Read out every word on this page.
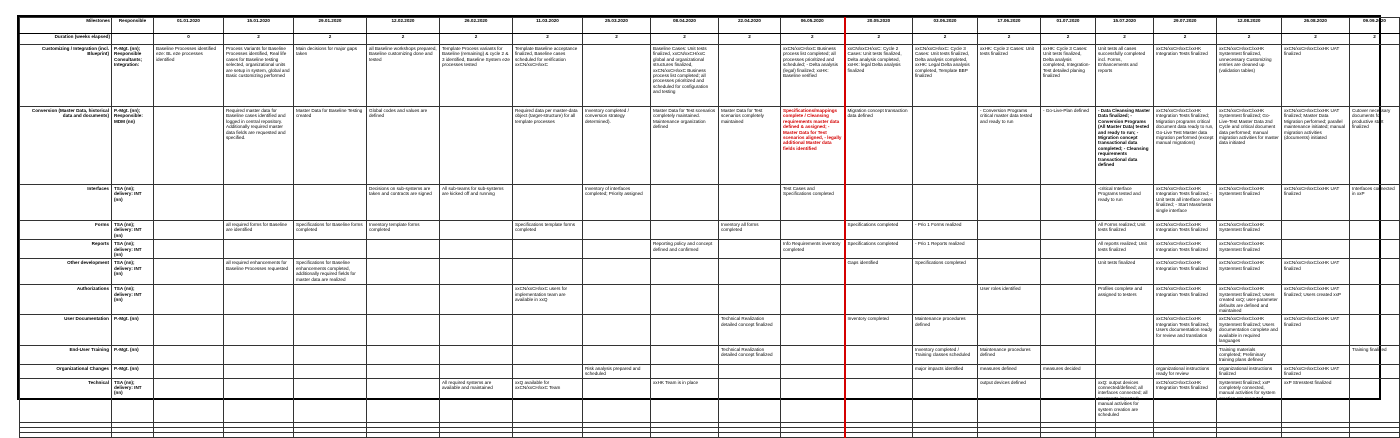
Milestones	Responsible	01.01.2020	15.01.2020	29.01.2020	12.02.2020	26.02.2020	11.03.2020	25.03.2020	08.04.2020	22.04.2020	06.05.2020	20.05.2020	03.06.2020	17.06.2020	01.07.2020	15.07.2020	29.07.2020	12.08.2020	26.08.2020	09.09.2020	
Duration (weeks elapsed)		0	2	2	2	2	2	2	2	2	2	2	2	2	2	2	2	2	2	2	
Customizing / Integration (incl. Blueprint)	P.-Mgt. (nn); Responsible Consultants; Integration:	Baseline Processes identified e2e: BL e2e processes identified	Process Variants for Baseline Processes identified, Real life cases for Baseline testing selected, organizational units are setup in system, global and Basic customizing performed	Main decisions for major gaps taken	all Baseline workshops prepared, Baseline customizing done and tested	Template Process variants for Baseline (remaining) & cycle 2 & 3 identified, Baseline System e2e processes tested	Template Baseline acceptance finalized, Baseline cases scheduled for verification xxCN/xxCH/xxC		Baseline Cases: Unit tests finalized, xxCN/xxCH/xxC global and organizational structures finalized, xxCN/xxCH/xxC Business process list completed; all processes prioritized and scheduled for configuration and testing		xxCN/xxCH/xxC Business process list completed; all processes prioritized and scheduled; - Delta analysis (legal) finalized; xxHK: Baseline verified	xxCN/xxCH/xxC: Cycle 2 Cases: Unit tests finalized, Delta analysis completed, xxHK: legal Delta analysis finalized	xxCN/xxCH/xxC: Cycle 3 Cases: Unit tests finalized, Delta analysis completed, xxHK: Legal Delta analysis completed, Template BBP finalized	xxHK: Cycle 2 Cases: Unit tests finalized	xxHK: Cycle 3 Cases: Unit tests finalized, Delta analysis completed, Integration-Test detailed planing finalized	Unit tests all cases successfully completed incl. Forms, Enhancements and reports	xxCN/xxCH/xxC/xxHK Integration Tests finalized	xxCN/xxCH/xxC/xxHK Systemtest finalized, unnecessary Customizing entries are cleaned up (validation tables)	xxCN/xxCH/xxC/xxHK UAT finalized		
Conversion (Master Data, historical data and documents)	P.-Mgt. (nn); Responsible: MDM (nn)		Required master data for Baseline cases identified and logged in central repository. Additionally required master data fields are requested and specified.	Master Data for Baseline Testing created	Global codes and values are defined		Required data per master-data object (target-structure) for all template processes	Inventory completed / conversion strategy determined).	Master Data for Test scenarios completely maintained. Maintenance organization defined	Master Data for Test scenarios completely maintained	Specifications/mappings complete / Cleansing requirements master data defined & assigned; - Master Data for Test scenarios aligned, - legally additional Master data fields identified	Migration concept transaction data defined		- Conversion Programs critical master data tested and ready to run	- Go-Live-Plan defined	- Data Cleansing Master Data finalized; - Conversion Programs (All Master Data) tested and ready to run; - Migration concept transactional data completed; - Cleansing requirements transactional data defined	xxCN/xxCH/xxC/xxHK Integration Tests finalized; Migration programs critical document data ready to run, Go-Live Test Master data migration performed (except manual migrations)	xxCN/xxCH/xxC/xxHK Systemtest finalized; Go-Live-Test Master Data 2nd Cycle and critical document data performed; manual migration activities for master data initiated	xxCN/xxCH/xxC/xxHK UAT finalized; Master Data Migration performed; parallel maintenance initiated; manual migration activities (documents) initiated	Cutover necessary documents for productive start finalized	
Interfaces	TSA (nn); delivery: INT (nn)				Decisions on sub-systems are taken and contracts are signed	All sub-teams for sub-systems are kicked off and running		Inventory of interfaces completed; Priority assigned			Test Cases and Specifications completed					-critical Interface Programs tested and ready to run	xxCN/xxCH/xxC/xxHK Integration Tests finalized; -Unit tests all interface cases finalized; - Start Mass/tests single interface	xxCN/xxCH/xxC/xxHK Systemtest finalized	xxCN/xxCH/xxC/xxHK UAT finalized	Interfaces connected in xxP	
Forms	TSA (nn); delivery: INT (nn)		all required forms for Baseline are identified	Specifications for Baseline forms completed	Inventory template forms completed		Specifications template forms completed			Inventory all forms completed		Specifications completed	- Prio 1 Forms realized			All Forms realized; Unit tests finalized	xxCN/xxCH/xxC/xxHK Integration Tests finalized	xxCN/xxCH/xxC/xxHK Systemtest finalized			
Reports	TSA (nn); delivery: INT (nn)								Reporting policy and concept defined and confirmed		Info Requirements inventory completed	Specifications completed	- Prio 1 Reports realized			All reports realized; Unit tests finalized	xxCN/xxCH/xxC/xxHK Integration Tests finalized	xxCN/xxCH/xxC/xxHK Systemtest finalized			
Other development	TSA (nn); delivery: INT (nn)		all required enhancements for Baseline Processes requested	Specifications for Baseline enhancements completed, additionally required fields for master data are realized								Gaps identified	Specifications completed			Unit tests finalized	xxCN/xxCH/xxC/xxHK Integration Tests finalized	xxCN/xxCH/xxC/xxHK Systemtest finalized	xxCN/xxCH/xxC/xxHK UAT finalized		
Authorizations	TSA (nn); delivery: INT (nn)						xxCN/xxCH/xxC users for implementation team are available in xxQ							User roles identified		Profiles complete and assigned to testers	xxCN/xxCH/xxC/xxHK Integration Tests finalized	xxCN/xxCH/xxC/xxHK Systemtest finalized; Users created xxQ; user-parameter defaults are defined and maintained	xxCN/xxCH/xxC/xxHK UAT finalized; Users created xxP		
User Documentation	P.-Mgt. (nn)									Technical Realization detailed concept finalized		Inventory completed	Maintenance procedures defined				xxCN/xxCH/xxC/xxHK Integration Tests finalized; Users documentation ready for review and translation	xxCN/xxCH/xxC/xxHK Systemtest finalized; Users documentation complete and available in required languages	xxCN/xxCH/xxC/xxHK UAT finalized		
End-User Training	P.-Mgt. (nn)									Technical Realization detailed concept finalized			Inventory completed / Training classes scheduled	Maintenance procedures defined				Training materials completed; Preliminary training plans defined		Training finalized	
Organizational Changes	P.-Mgt. (nn)							Risk analysis prepared and scheduled					major impacts identified	measures defined	measures decided		organizational instructions ready for review	organizational instructions finalized	xxCN/xxCH/xxC/xxHK UAT finalized		
Technical	TSA (nn); delivery: INT (nn)					All required systems are available and maintained	xxQ available for xxCN/xxCH/xxC Team		xxHK Team is in place					output devices defined		xxQ: output devices connected/defined; all interfaces connected; all transports imported; manual activities for system creation are scheduled	xxCN/xxCH/xxC/xxHK Integration Tests finalized	Systemtest finalized; xxP completely connected, manual activities for system creation are executed	xxP Stresstest finalized		
